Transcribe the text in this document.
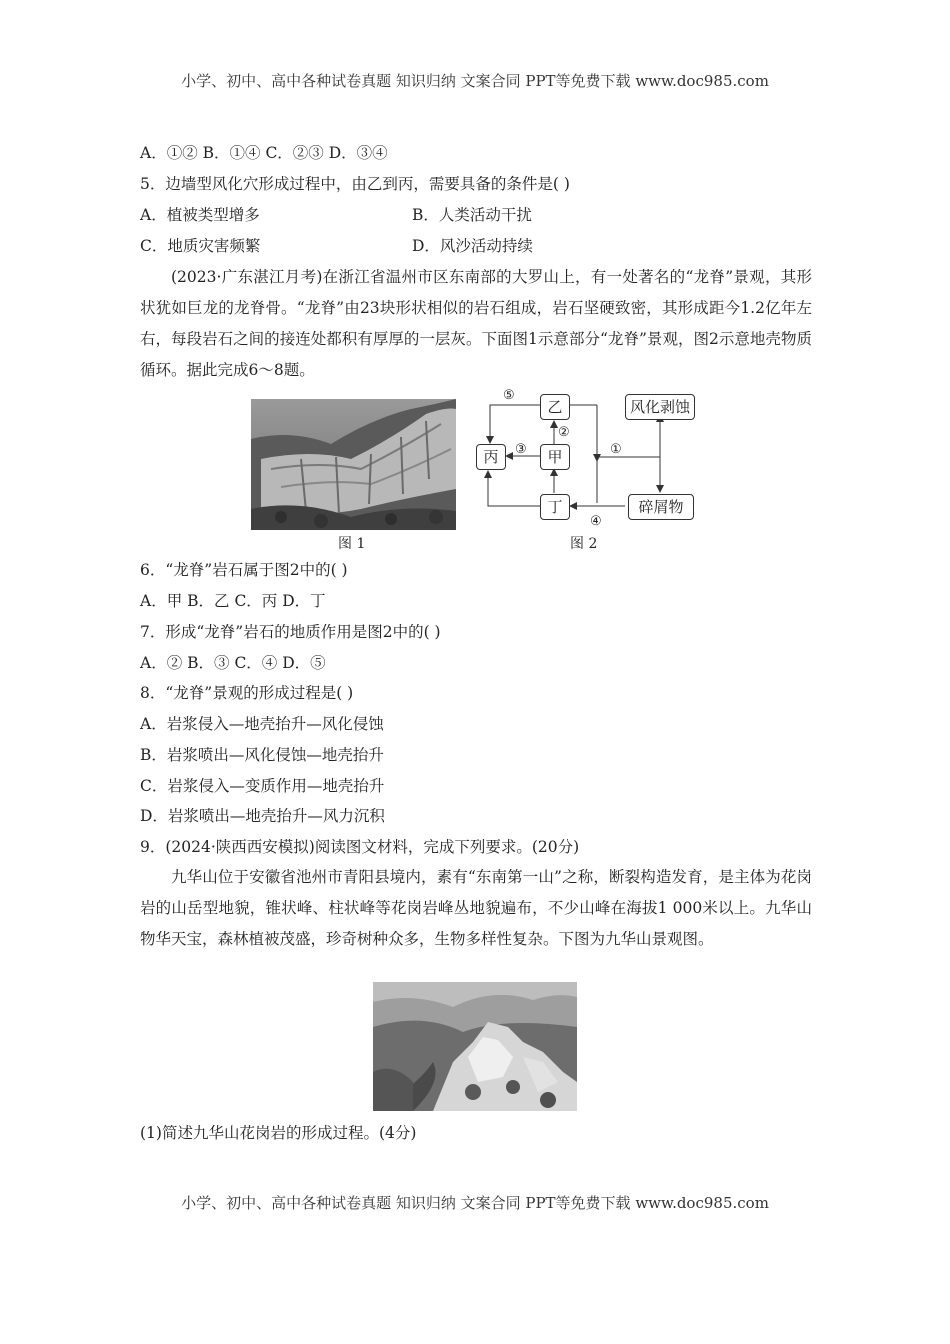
小学、初中、高中各种试卷真题 知识归纳 文案合同 PPT等免费下载 www.doc985.com
A．①② B．①④ C．②③ D．③④
5．边墙型风化穴形成过程中，由乙到丙，需要具备的条件是( )
A．植被类型增多	B．人类活动干扰
C．地质灾害频繁	D．风沙活动持续
(2023·广东湛江月考)在浙江省温州市区东南部的大罗山上，有一处著名的“龙脊”景观，其形状犹如巨龙的龙脊骨。“龙脊”由23块形状相似的岩石组成，岩石坚硬致密，其形成距今1.2亿年左右，每段岩石之间的接连处都积有厚厚的一层灰。下面图1示意部分“龙脊”景观，图2示意地壳物质循环。据此完成6～8题。
图 1
乙
丙	甲
丁
风化剥蚀
碎屑物
⑤
②
③	①
④
图 2
6．“龙脊”岩石属于图2中的( )
A．甲 B．乙 C．丙 D．丁
7．形成“龙脊”岩石的地质作用是图2中的( )
A．② B．③ C．④ D．⑤
8．“龙脊”景观的形成过程是( )
A．岩浆侵入—地壳抬升—风化侵蚀
B．岩浆喷出—风化侵蚀—地壳抬升
C．岩浆侵入—变质作用—地壳抬升
D．岩浆喷出—地壳抬升—风力沉积
9．(2024·陕西西安模拟)阅读图文材料，完成下列要求。(20分)
九华山位于安徽省池州市青阳县境内，素有“东南第一山”之称，断裂构造发育，是主体为花岗岩的山岳型地貌，锥状峰、柱状峰等花岗岩峰丛地貌遍布，不少山峰在海拔1 000米以上。九华山物华天宝，森林植被茂盛，珍奇树种众多，生物多样性复杂。下图为九华山景观图。
(1)简述九华山花岗岩的形成过程。(4分)
小学、初中、高中各种试卷真题 知识归纳 文案合同 PPT等免费下载 www.doc985.com
